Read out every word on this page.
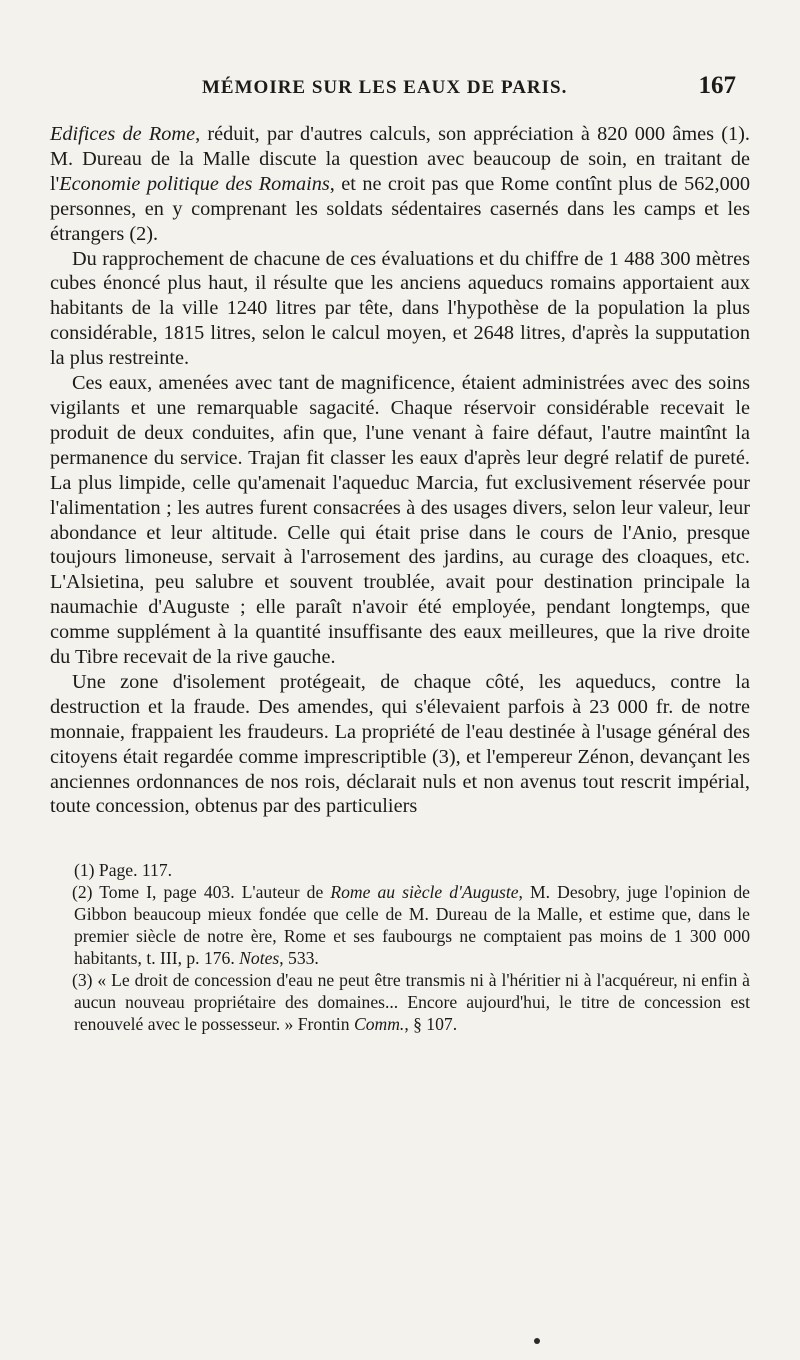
MÉMOIRE SUR LES EAUX DE PARIS.	167

Edifices de Rome, réduit, par d'autres calculs, son appréciation à 820 000 âmes (1). M. Dureau de la Malle discute la question avec beaucoup de soin, en traitant de l'Economie politique des Romains, et ne croit pas que Rome contînt plus de 562,000 personnes, en y comprenant les soldats sédentaires casernés dans les camps et les étrangers (2).

Du rapprochement de chacune de ces évaluations et du chiffre de 1 488 300 mètres cubes énoncé plus haut, il résulte que les anciens aqueducs romains apportaient aux habitants de la ville 1240 litres par tête, dans l'hypothèse de la population la plus considérable, 1815 litres, selon le calcul moyen, et 2648 litres, d'après la supputation la plus restreinte.

Ces eaux, amenées avec tant de magnificence, étaient administrées avec des soins vigilants et une remarquable sagacité. Chaque réservoir considérable recevait le produit de deux conduites, afin que, l'une venant à faire défaut, l'autre maintînt la permanence du service. Trajan fit classer les eaux d'après leur degré relatif de pureté. La plus limpide, celle qu'amenait l'aqueduc Marcia, fut exclusivement réservée pour l'alimentation ; les autres furent consacrées à des usages divers, selon leur valeur, leur abondance et leur altitude. Celle qui était prise dans le cours de l'Anio, presque toujours limoneuse, servait à l'arrosement des jardins, au curage des cloaques, etc. L'Alsietina, peu salubre et souvent troublée, avait pour destination principale la naumachie d'Auguste ; elle paraît n'avoir été employée, pendant longtemps, que comme supplément à la quantité insuffisante des eaux meilleures, que la rive droite du Tibre recevait de la rive gauche.

Une zone d'isolement protégeait, de chaque côté, les aqueducs, contre la destruction et la fraude. Des amendes, qui s'élevaient parfois à 23 000 fr. de notre monnaie, frappaient les fraudeurs. La propriété de l'eau destinée à l'usage général des citoyens était regardée comme imprescriptible (3), et l'empereur Zénon, devançant les anciennes ordonnances de nos rois, déclarait nuls et non avenus tout rescrit impérial, toute concession, obtenus par des particuliers

(1) Page. 117.

(2) Tome I, page 403. L'auteur de Rome au siècle d'Auguste, M. Desobry, juge l'opinion de Gibbon beaucoup mieux fondée que celle de M. Dureau de la Malle, et estime que, dans le premier siècle de notre ère, Rome et ses faubourgs ne comptaient pas moins de 1 300 000 habitants, t. III, p. 176. Notes, 533.

(3) « Le droit de concession d'eau ne peut être transmis ni à l'héritier ni à l'acquéreur, ni enfin à aucun nouveau propriétaire des domaines... Encore aujourd'hui, le titre de concession est renouvelé avec le possesseur. » Frontin Comm., § 107.
